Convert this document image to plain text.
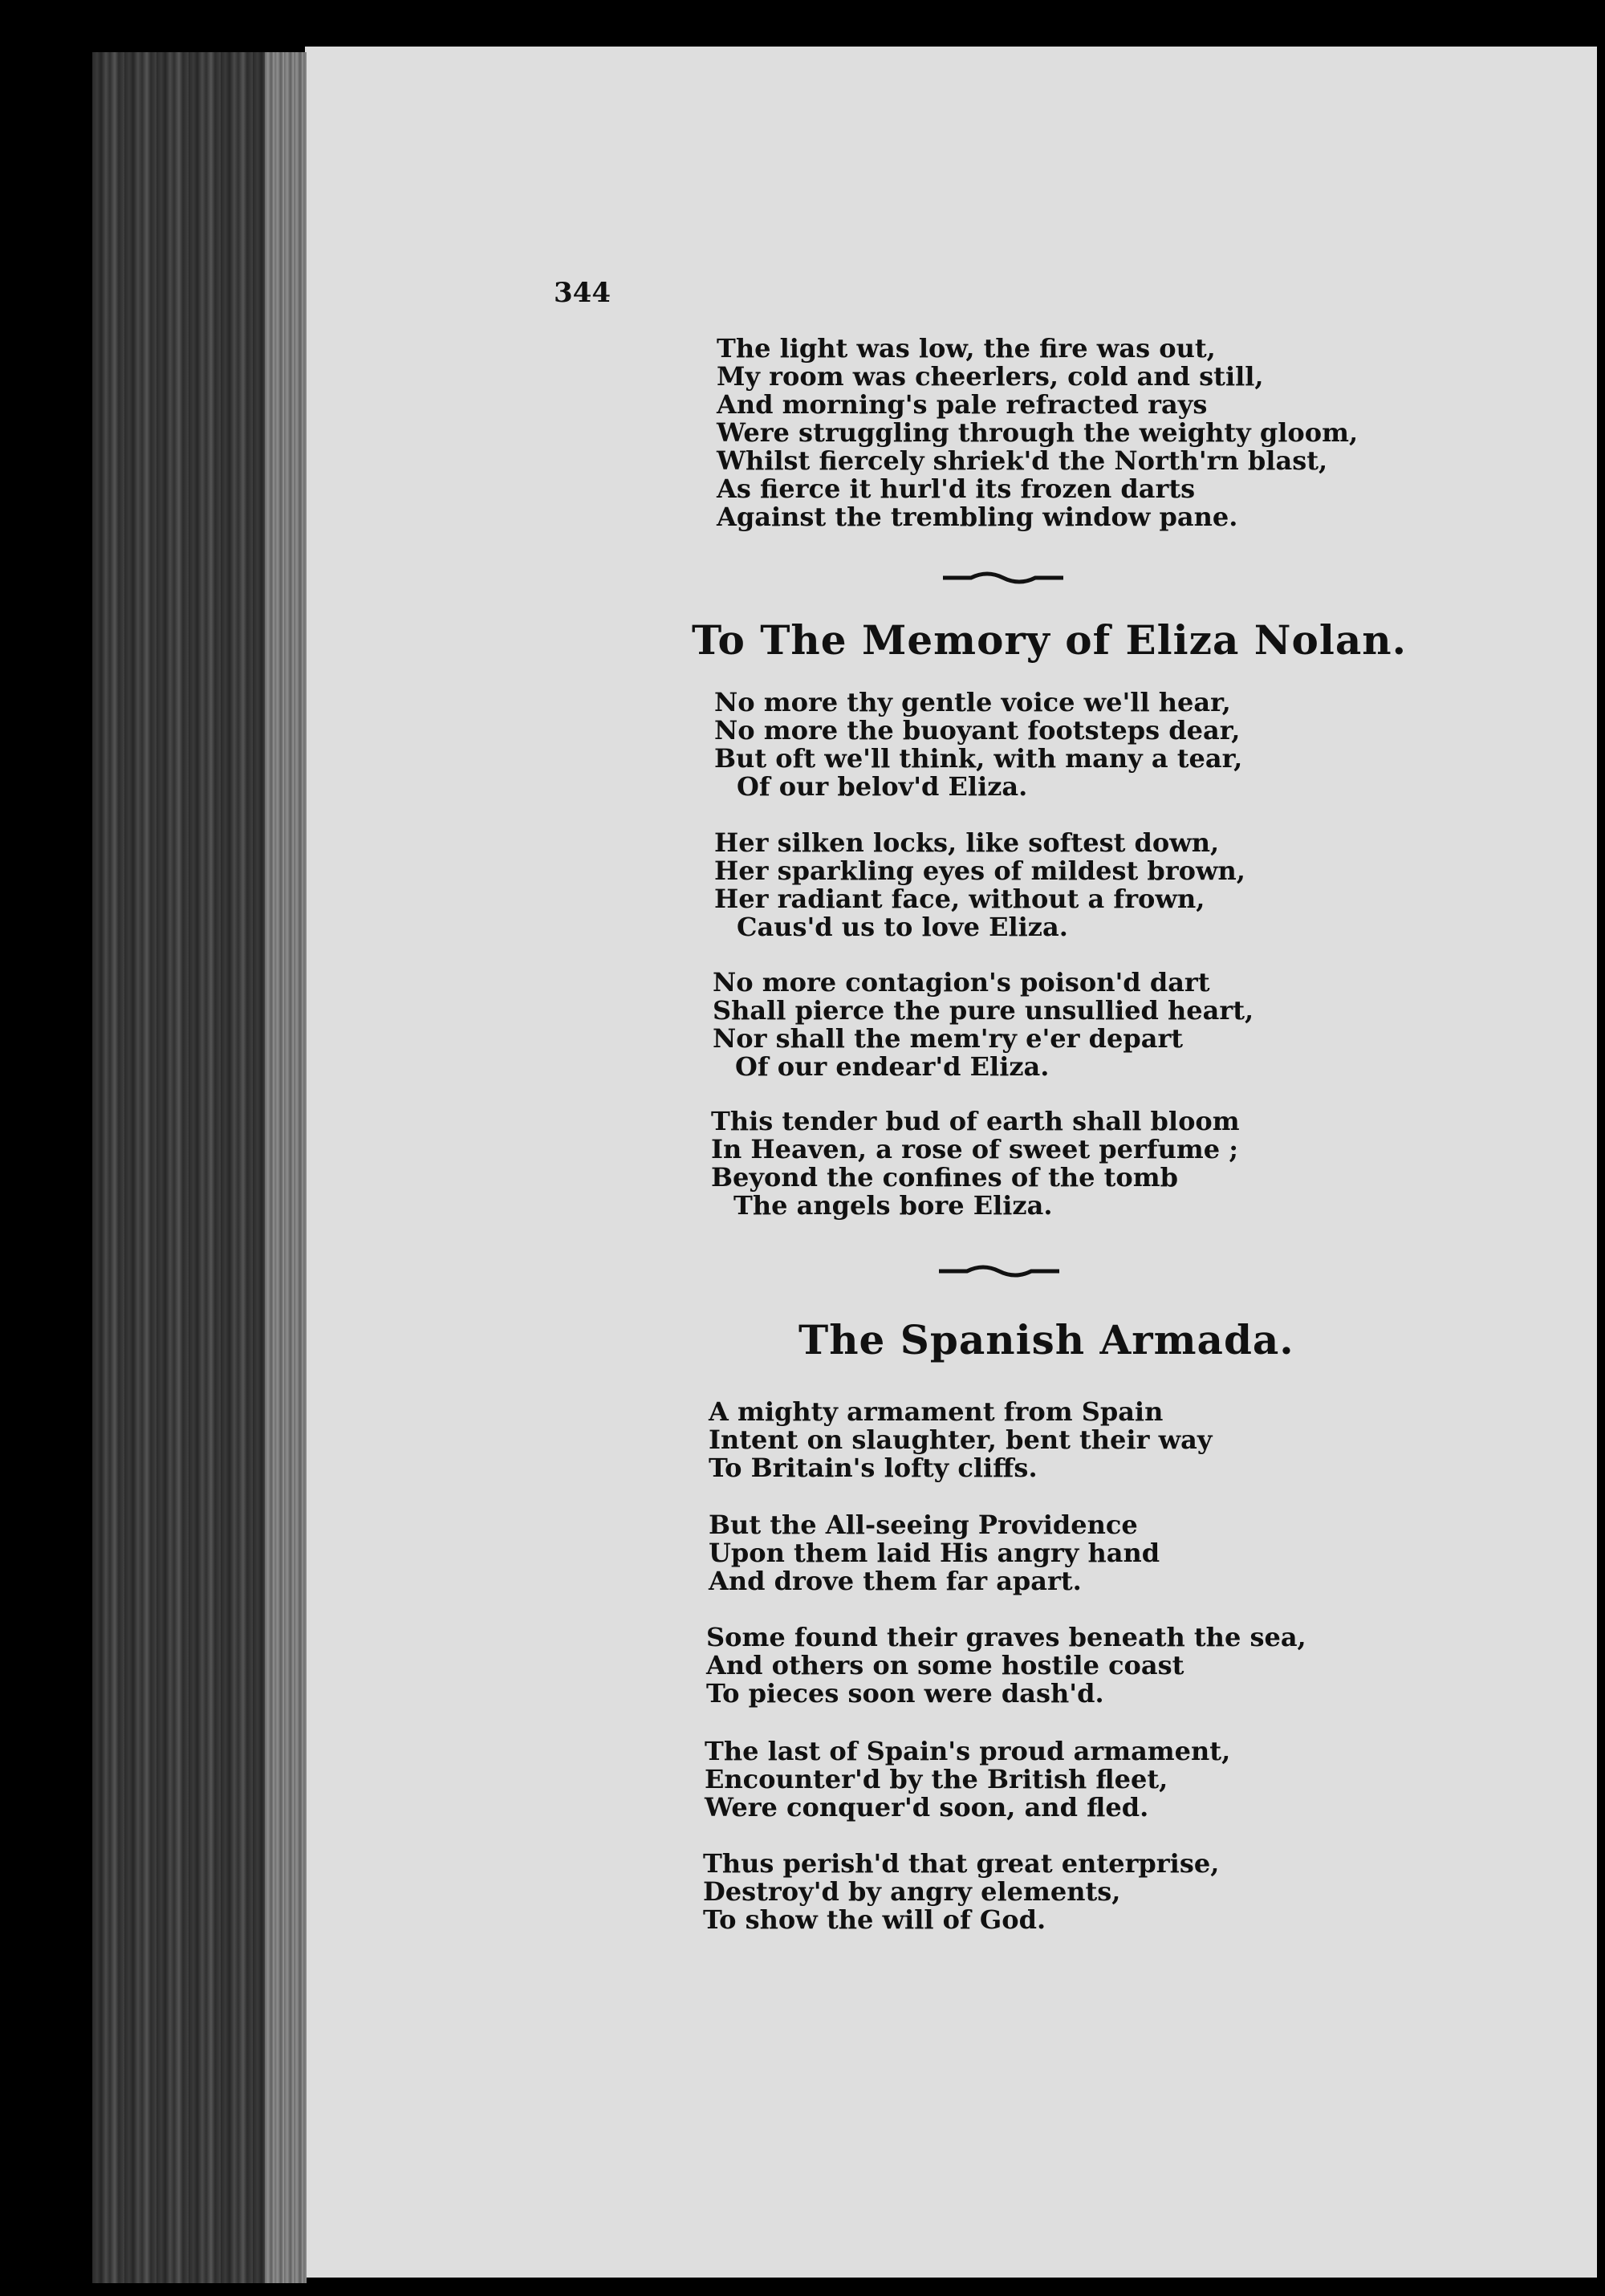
344
The light was low, the fire was out,
My room was cheerlers, cold and still,
And morning's pale refracted rays
Were struggling through the weighty gloom,
Whilst fiercely shriek'd the North'rn blast,
As fierce it hurl'd its frozen darts
Against the trembling window pane.
To The Memory of Eliza Nolan.
No more thy gentle voice we'll hear,
No more the buoyant footsteps dear,
But oft we'll think, with many a tear,
Of our belov'd Eliza.
Her silken locks, like softest down,
Her sparkling eyes of mildest brown,
Her radiant face, without a frown,
Caus'd us to love Eliza.
No more contagion's poison'd dart
Shall pierce the pure unsullied heart,
Nor shall the mem'ry e'er depart
Of our endear'd Eliza.
This tender bud of earth shall bloom
In Heaven, a rose of sweet perfume ;
Beyond the confines of the tomb
The angels bore Eliza.
The Spanish Armada.
A mighty armament from Spain
Intent on slaughter, bent their way
To Britain's lofty cliffs.
But the All-seeing Providence
Upon them laid His angry hand
And drove them far apart.
Some found their graves beneath the sea,
And others on some hostile coast
To pieces soon were dash'd.
The last of Spain's proud armament,
Encounter'd by the British fleet,
Were conquer'd soon, and fled.
Thus perish'd that great enterprise,
Destroy'd by angry elements,
To show the will of God.
